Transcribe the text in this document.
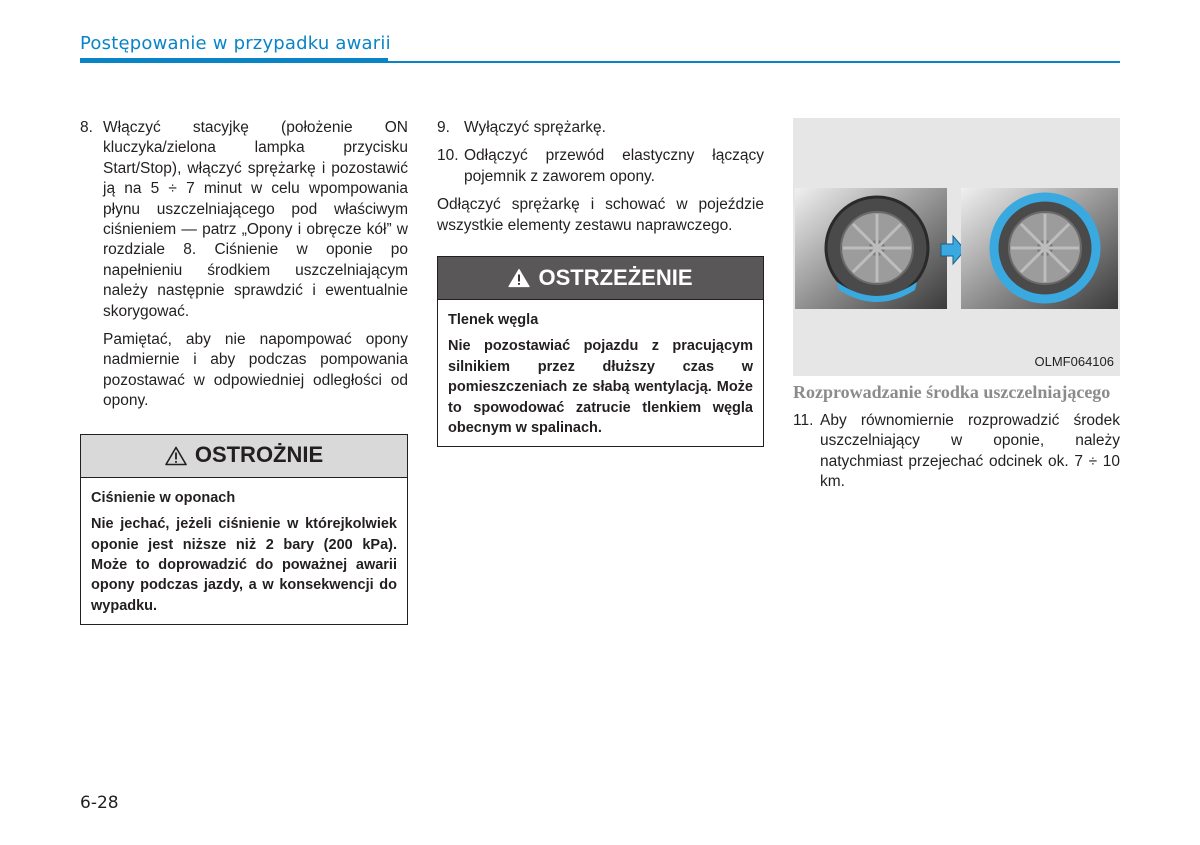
Postępowanie w przypadku awarii
8. Włączyć stacyjkę (położenie ON kluczyka/zielona lampka przycisku Start/Stop), włączyć sprężarkę i pozostawić ją na 5 ÷ 7 minut w celu wpompowania płynu uszczelniającego pod właściwym ciśnieniem — patrz „Opony i obręcze kół” w rozdziale 8. Ciśnienie w oponie po napełnieniu środkiem uszczelniającym należy następnie sprawdzić i ewentualnie skorygować.
Pamiętać, aby nie napompować opony nadmiernie i aby podczas pompowania pozostawać w odpowiedniej odległości od opony.
OSTROŻNIE
Ciśnienie w oponach
Nie jechać, jeżeli ciśnienie w którejkolwiek oponie jest niższe niż 2 bary (200 kPa). Może to doprowadzić do poważnej awarii opony podczas jazdy, a w konsekwencji do wypadku.
9. Wyłączyć sprężarkę.
10. Odłączyć przewód elastyczny łączący pojemnik z zaworem opony.
Odłączyć sprężarkę i schować w pojeździe wszystkie elementy zestawu naprawczego.
OSTRZEŻENIE
Tlenek węgla
Nie pozostawiać pojazdu z pracującym silnikiem przez dłuższy czas w pomieszczeniach ze słabą wentylacją. Może to spowodować zatrucie tlenkiem węgla obecnym w spalinach.
OLMF064106
Rozprowadzanie środka uszczelniającego
11. Aby równomiernie rozprowadzić środek uszczelniający w oponie, należy natychmiast przejechać odcinek ok. 7 ÷ 10 km.
6-28
